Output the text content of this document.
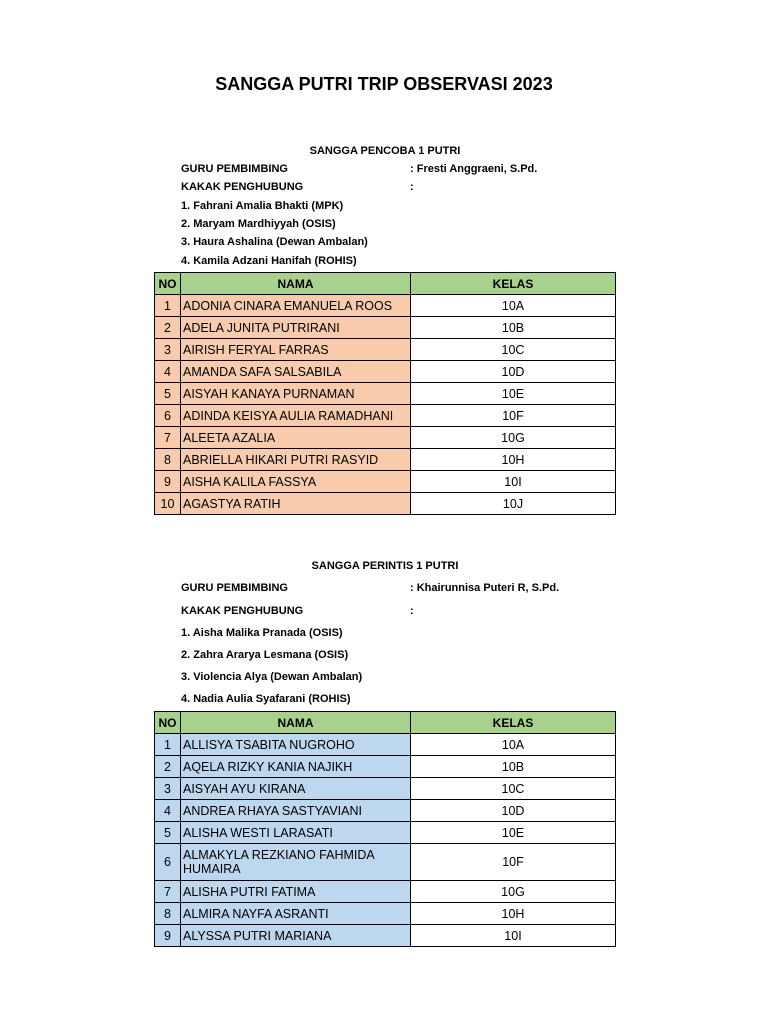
SANGGA PUTRI TRIP OBSERVASI 2023
SANGGA PENCOBA 1 PUTRI
GURU PEMBIMBING	: Fresti Anggraeni, S.Pd.
KAKAK PENGHUBUNG	:
1. Fahrani Amalia Bhakti (MPK)
2. Maryam Mardhiyyah (OSIS)
3. Haura Ashalina (Dewan Ambalan)
4. Kamila Adzani Hanifah (ROHIS)
NO	NAMA	KELAS
1	ADONIA CINARA EMANUELA ROOS	10A
2	ADELA JUNITA PUTRIRANI	10B
3	AIRISH FERYAL FARRAS	10C
4	AMANDA SAFA SALSABILA	10D
5	AISYAH KANAYA PURNAMAN	10E
6	ADINDA KEISYA AULIA RAMADHANI	10F
7	ALEETA AZALIA	10G
8	ABRIELLA HIKARI PUTRI RASYID	10H
9	AISHA KALILA FASSYA	10I
10	AGASTYA RATIH	10J
SANGGA PERINTIS 1 PUTRI
GURU PEMBIMBING	: Khairunnisa Puteri R, S.Pd.
KAKAK PENGHUBUNG	:
1. Aisha Malika Pranada (OSIS)
2. Zahra Ararya Lesmana (OSIS)
3. Violencia Alya (Dewan Ambalan)
4. Nadia Aulia Syafarani (ROHIS)
NO	NAMA	KELAS
1	ALLISYA TSABITA NUGROHO	10A
2	AQELA RIZKY KANIA NAJIKH	10B
3	AISYAH AYU KIRANA	10C
4	ANDREA RHAYA SASTYAVIANI	10D
5	ALISHA WESTI LARASATI	10E
6	ALMAKYLA REZKIANO FAHMIDA HUMAIRA	10F
7	ALISHA PUTRI FATIMA	10G
8	ALMIRA NAYFA ASRANTI	10H
9	ALYSSA PUTRI MARIANA	10I
